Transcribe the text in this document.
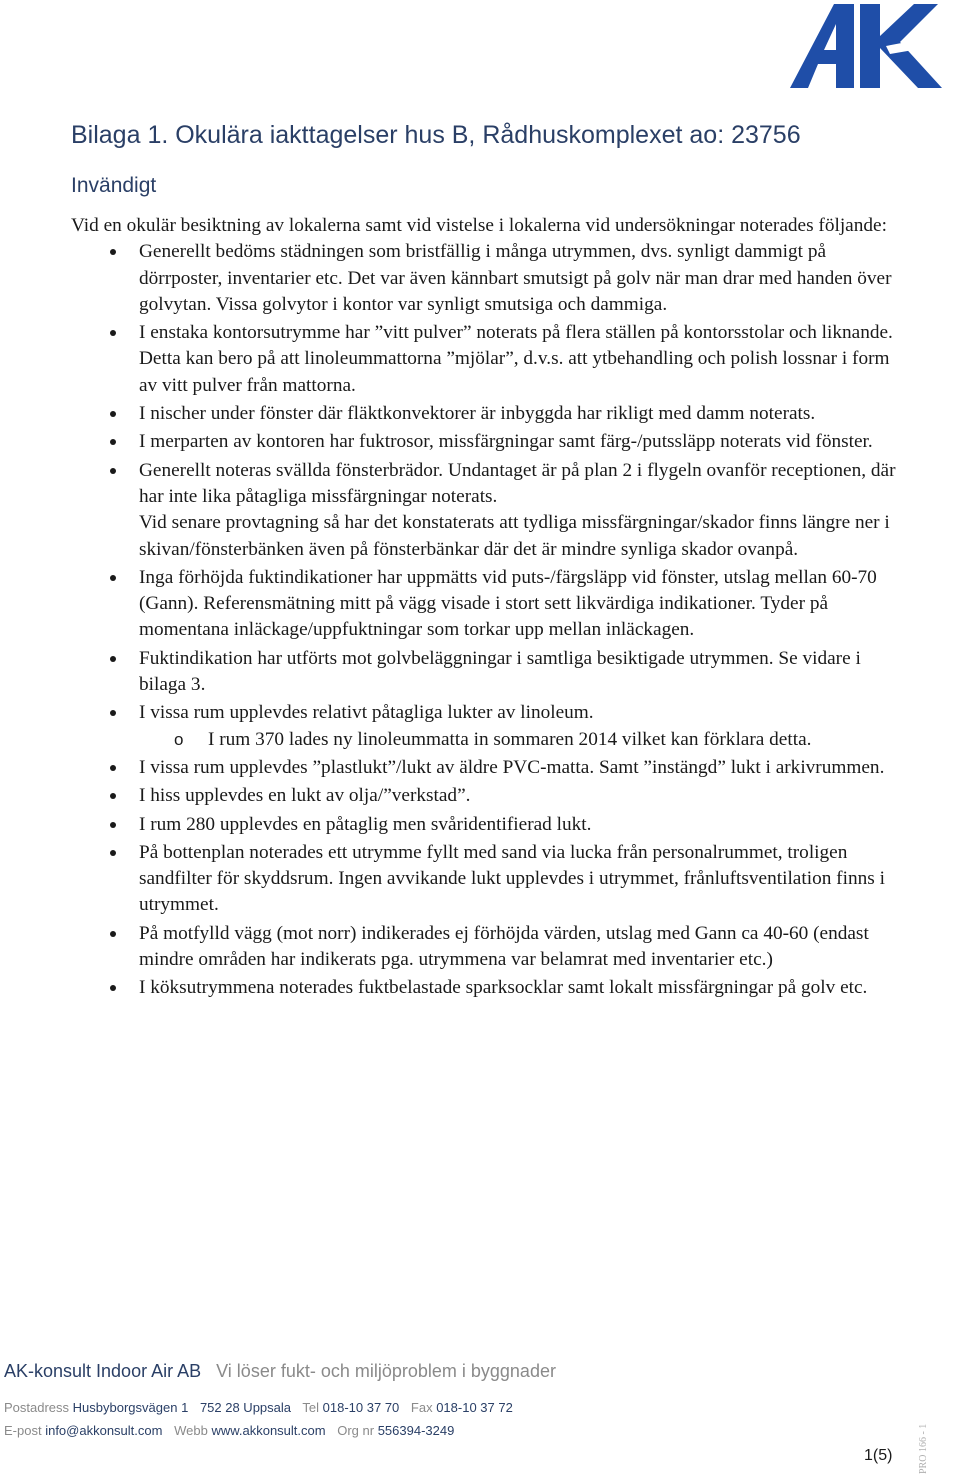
Bilaga 1. Okulära iakttagelser hus B, Rådhuskomplexet ao: 23756
Invändigt

Vid en okulär besiktning av lokalerna samt vid vistelse i lokalerna vid undersökningar noterades följande:

Generellt bedöms städningen som bristfällig i många utrymmen, dvs. synligt dammigt på dörrposter, inventarier etc. Det var även kännbart smutsigt på golv när man drar med handen över golvytan. Vissa golvytor i kontor var synligt smutsiga och dammiga.
I enstaka kontorsutrymme har ”vitt pulver” noterats på flera ställen på kontorsstolar och liknande. Detta kan bero på att linoleummattorna ”mjölar”, d.v.s. att ytbehandling och polish lossnar i form av vitt pulver från mattorna.
I nischer under fönster där fläktkonvektorer är inbyggda har rikligt med damm noterats.
I merparten av kontoren har fuktrosor, missfärgningar samt färg-/putssläpp noterats vid fönster.
Generellt noteras svällda fönsterbrädor. Undantaget är på plan 2 i flygeln ovanför receptionen, där har inte lika påtagliga missfärgningar noterats.
Vid senare provtagning så har det konstaterats att tydliga missfärgningar/skador finns längre ner i skivan/fönsterbänken även på fönsterbänkar där det är mindre synliga skador ovanpå.
Inga förhöjda fuktindikationer har uppmätts vid puts-/färgsläpp vid fönster, utslag mellan 60-70 (Gann). Referensmätning mitt på vägg visade i stort sett likvärdiga indikationer. Tyder på momentana inläckage/uppfuktningar som torkar upp mellan inläckagen.
Fuktindikation har utförts mot golvbeläggningar i samtliga besiktigade utrymmen. Se vidare i bilaga 3.
I vissa rum upplevdes relativt påtagliga lukter av linoleum.
o I rum 370 lades ny linoleummatta in sommaren 2014 vilket kan förklara detta.
I vissa rum upplevdes ”plastlukt”/lukt av äldre PVC-matta. Samt ”instängd” lukt i arkivrummen.
I hiss upplevdes en lukt av olja/”verkstad”.
I rum 280 upplevdes en påtaglig men svåridentifierad lukt.
På bottenplan noterades ett utrymme fyllt med sand via lucka från personalrummet, troligen sandfilter för skyddsrum. Ingen avvikande lukt upplevdes i utrymmet, frånluftsventilation finns i utrymmet.
På motfylld vägg (mot norr) indikerades ej förhöjda värden, utslag med Gann ca 40-60 (endast mindre områden har indikerats pga. utrymmena var belamrat med inventarier etc.)
I köksutrymmena noterades fuktbelastade sparksocklar samt lokalt missfärgningar på golv etc.
AK-konsult Indoor Air AB Vi löser fukt- och miljöproblem i byggnader
Postadress Husbyborgsvägen 1 752 28 Uppsala Tel 018-10 37 70 Fax 018-10 37 72
E-post info@akkonsult.com Webb www.akkonsult.com Org nr 556394-3249
1(5)	PRO 166 - 1
